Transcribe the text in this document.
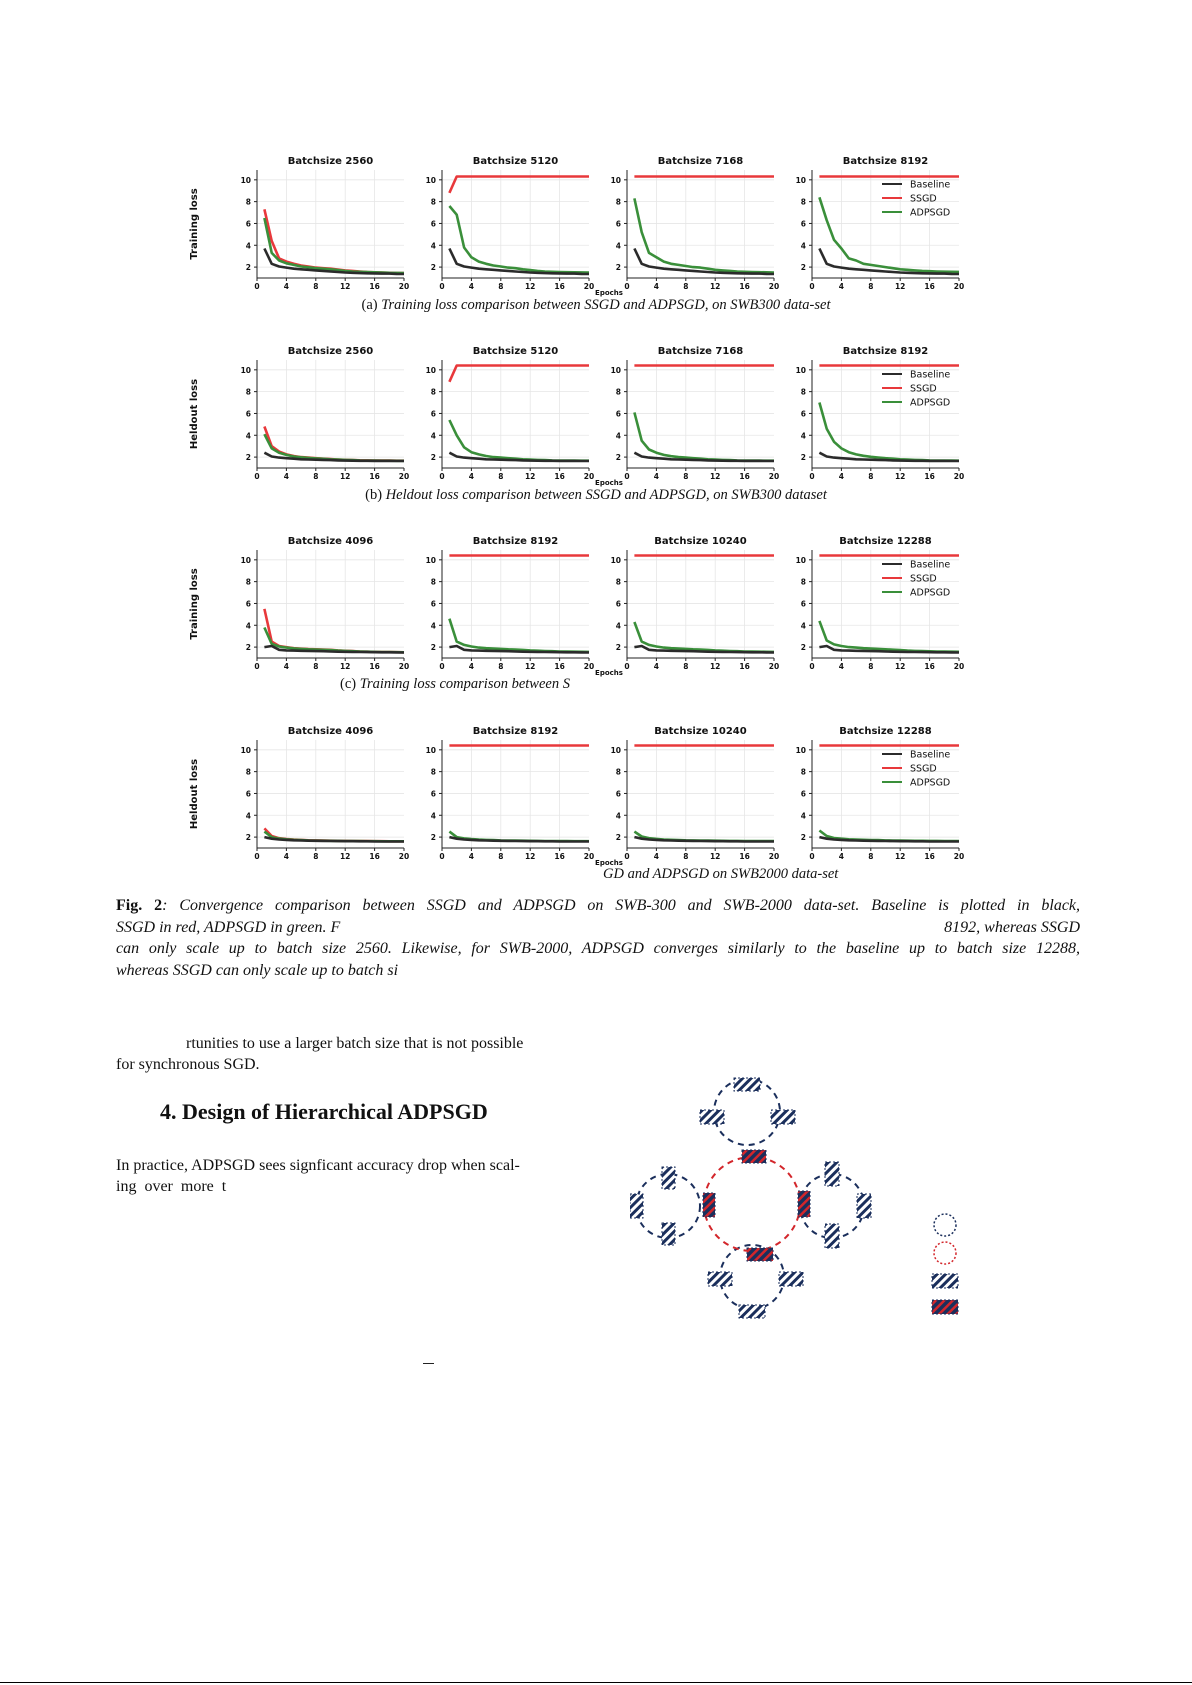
Training loss
Batchsize 2560
10
8
6
4
2
0	4	8	12	16	20
Batchsize 5120
10
8
6
4
2
0	4	8	12	16	20
Epochs
Batchsize 7168
10
8
6
4
2
0	4	8	12	16	20
Batchsize 8192
10
8
6
4
2
0	4	8	12	16	20
Baseline
SSGD
ADPSGD
Heldout loss
Batchsize 2560
10
8
6
4
2
0	4	8	12	16	20
Batchsize 5120
10
8
6
4
2
0	4	8	12	16	20
Epochs
Batchsize 7168
10
8
6
4
2
0	4	8	12	16	20
Batchsize 8192
10
8
6
4
2
0	4	8	12	16	20
Baseline
SSGD
ADPSGD
Training loss
Batchsize 4096
10
8
6
4
2
0	4	8	12	16	20
Batchsize 8192
10
8
6
4
2
0	4	8	12	16	20
Epochs
Batchsize 10240
10
8
6
4
2
0	4	8	12	16	20
Batchsize 12288
10
8
6
4
2
0	4	8	12	16	20
Baseline
SSGD
ADPSGD
Heldout loss
Batchsize 4096
10
8
6
4
2
0	4	8	12	16	20
Batchsize 8192
10
8
6
4
2
0	4	8	12	16	20
Epochs
Batchsize 10240
10
8
6
4
2
0	4	8	12	16	20
Batchsize 12288
10
8
6
4
2
0	4	8	12	16	20
Baseline
SSGD
ADPSGD
(a) Training loss comparison between SSGD and ADPSGD, on SWB300 data-set
(b) Heldout loss comparison between SSGD and ADPSGD, on SWB300 dataset
(c) Training loss comparison between S
GD and ADPSGD on SWB2000 data-set
Fig. 2: Convergence comparison between SSGD and ADPSGD on SWB-300 and SWB-2000 data-set. Baseline is plotted in black,
SSGD in red, ADPSGD in green. F	8192, whereas SSGD
can only scale up to batch size 2560. Likewise, for SWB-2000, ADPSGD converges similarly to the baseline up to batch size 12288,
whereas SSGD can only scale up to batch si
rtunities to use a larger batch size that is not possible
for synchronous SGD.
4. Design of Hierarchical ADPSGD
In practice, ADPSGD sees signficant accuracy drop when scal-
ing over more t
